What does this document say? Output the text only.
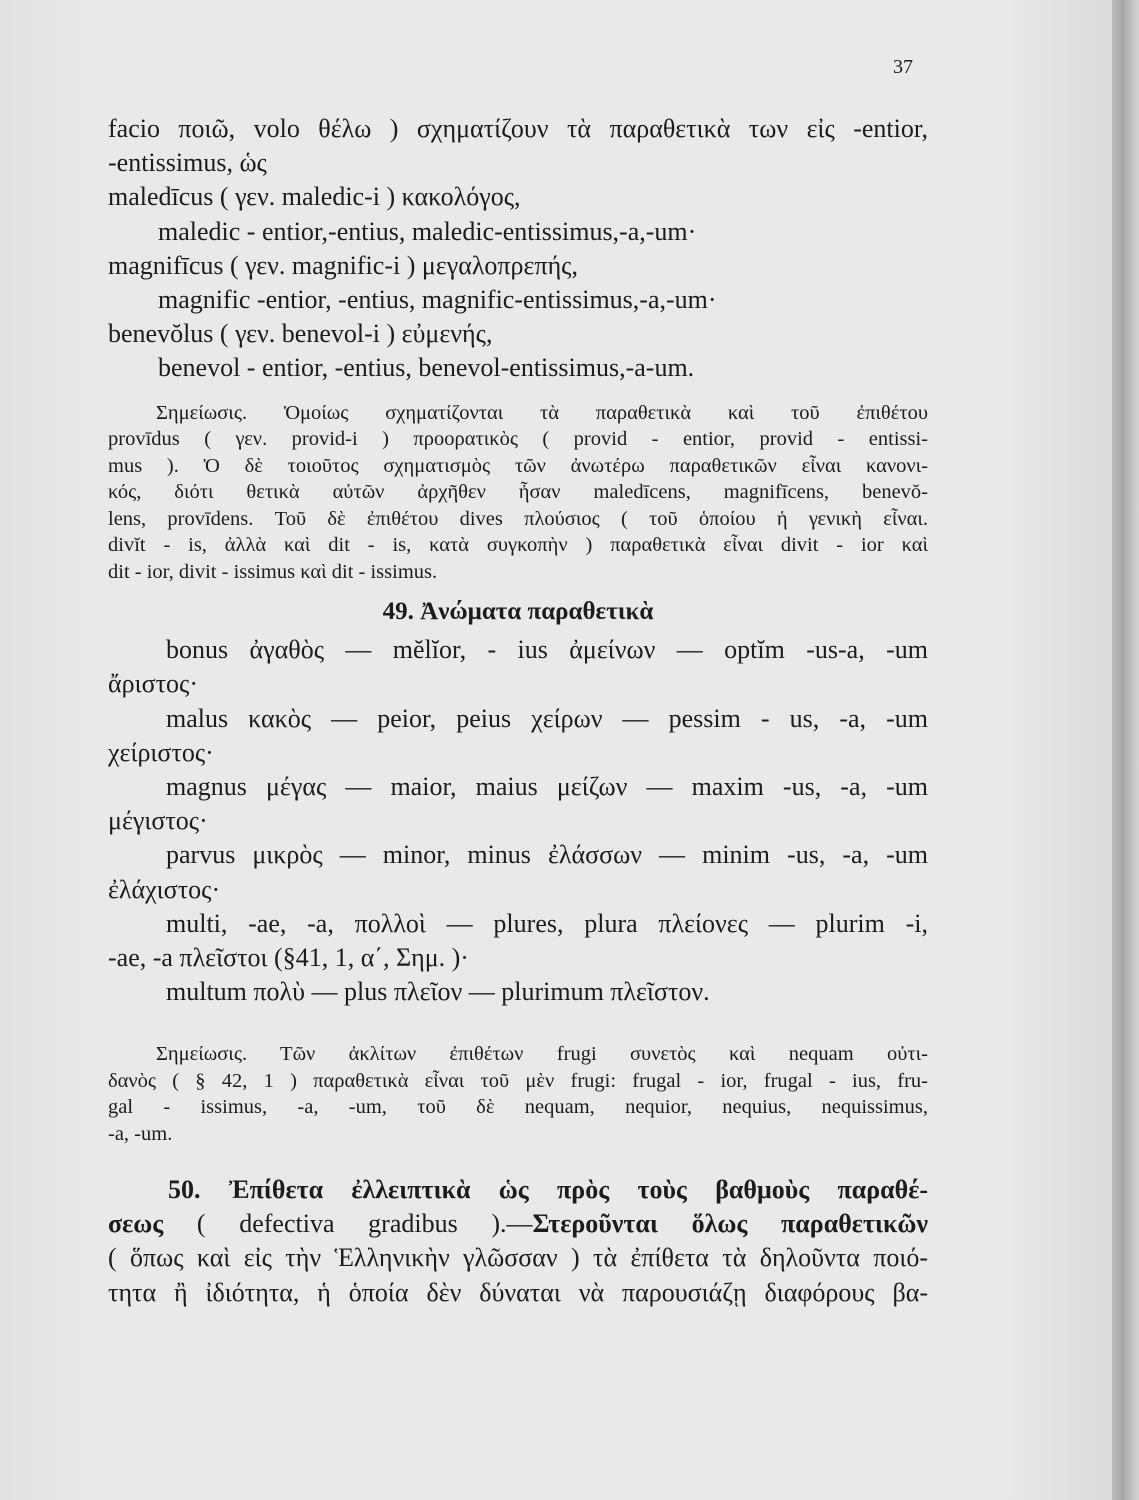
37
facio ποιῶ, volo θέλω ) σχηματίζουν τὰ παραθετικὰ των εἰς -entior,
-entissimus, ὡς
maledīcus ( γεν. maledic-i ) κακολόγος,
maledic - entior,-entius, maledic-entissimus,-a,-um·
magnifīcus ( γεν. magnific-i ) μεγαλοπρεπής,
magnific -entior, -entius, magnific-entissimus,-a,-um·
benevŏlus ( γεν. benevol-i ) εὐμενής,
benevol - entior, -entius, benevol-entissimus,-a-um.
Σημείωσις. Ὁμοίως σχηματίζονται τὰ παραθετικὰ καὶ τοῦ ἐπιθέτου
provīdus ( γεν. provid-i ) προορατικὸς ( provid - entior, provid - entissi-
mus ). Ὁ δὲ τοιοῦτος σχηματισμὸς τῶν ἀνωτέρω παραθετικῶν εἶναι κανονι-
κός, διότι θετικὰ αὐτῶν ἀρχῆθεν ἦσαν maledīcens, magnifīcens, benevŏ-
lens, provīdens. Τοῦ δὲ ἐπιθέτου dives πλούσιος ( τοῦ ὁποίου ἡ γενικὴ εἶναι.
divĭt - is, ἀλλὰ καὶ dit - is, κατὰ συγκοπὴν ) παραθετικὰ εἶναι divit - ior καὶ
dit - ior, divit - issimus καὶ dit - issimus.
49. Ἀνώματα παραθετικὰ
bonus ἀγαθὸς — mĕlĭor, - ius ἀμείνων — optĭm -us-a, -um
ἄριστος·
malus κακὸς — peior, peius χείρων — pessim - us, -a, -um
χείριστος·
magnus μέγας — maior, maius μείζων — maxim -us, -a, -um
μέγιστος·
parvus μικρὸς — minor, minus ἐλάσσων — minim -us, -a, -um
ἐλάχιστος·
multi, -ae, -a, πολλοὶ — plures, plura πλείονες — plurim -i,
-ae, -a πλεῖστοι (§41, 1, α΄, Σημ. )·
multum πολὺ — plus πλεῖον — plurimum πλεῖστον.
Σημείωσις. Τῶν ἀκλίτων ἐπιθέτων frugi συνετὸς καὶ nequam οὐτι-
δανὸς ( § 42, 1 ) παραθετικὰ εἶναι τοῦ μὲν frugi: frugal - ior, frugal - ius, fru-
gal - issimus, -a, -um, τοῦ δὲ nequam, nequior, nequius, nequissimus,
-a, -um.
50. Ἐπίθετα ἐλλειπτικὰ ὡς πρὸς τοὺς βαθμοὺς παραθέ-
σεως ( defectiva gradibus ).—Στεροῦνται ὅλως παραθετικῶν
( ὅπως καὶ εἰς τὴν Ἑλληνικὴν γλῶσσαν ) τὰ ἐπίθετα τὰ δηλοῦντα ποιό-
τητα ἢ ἰδιότητα, ἡ ὁποία δὲν δύναται νὰ παρουσιάζῃ διαφόρους βα-
